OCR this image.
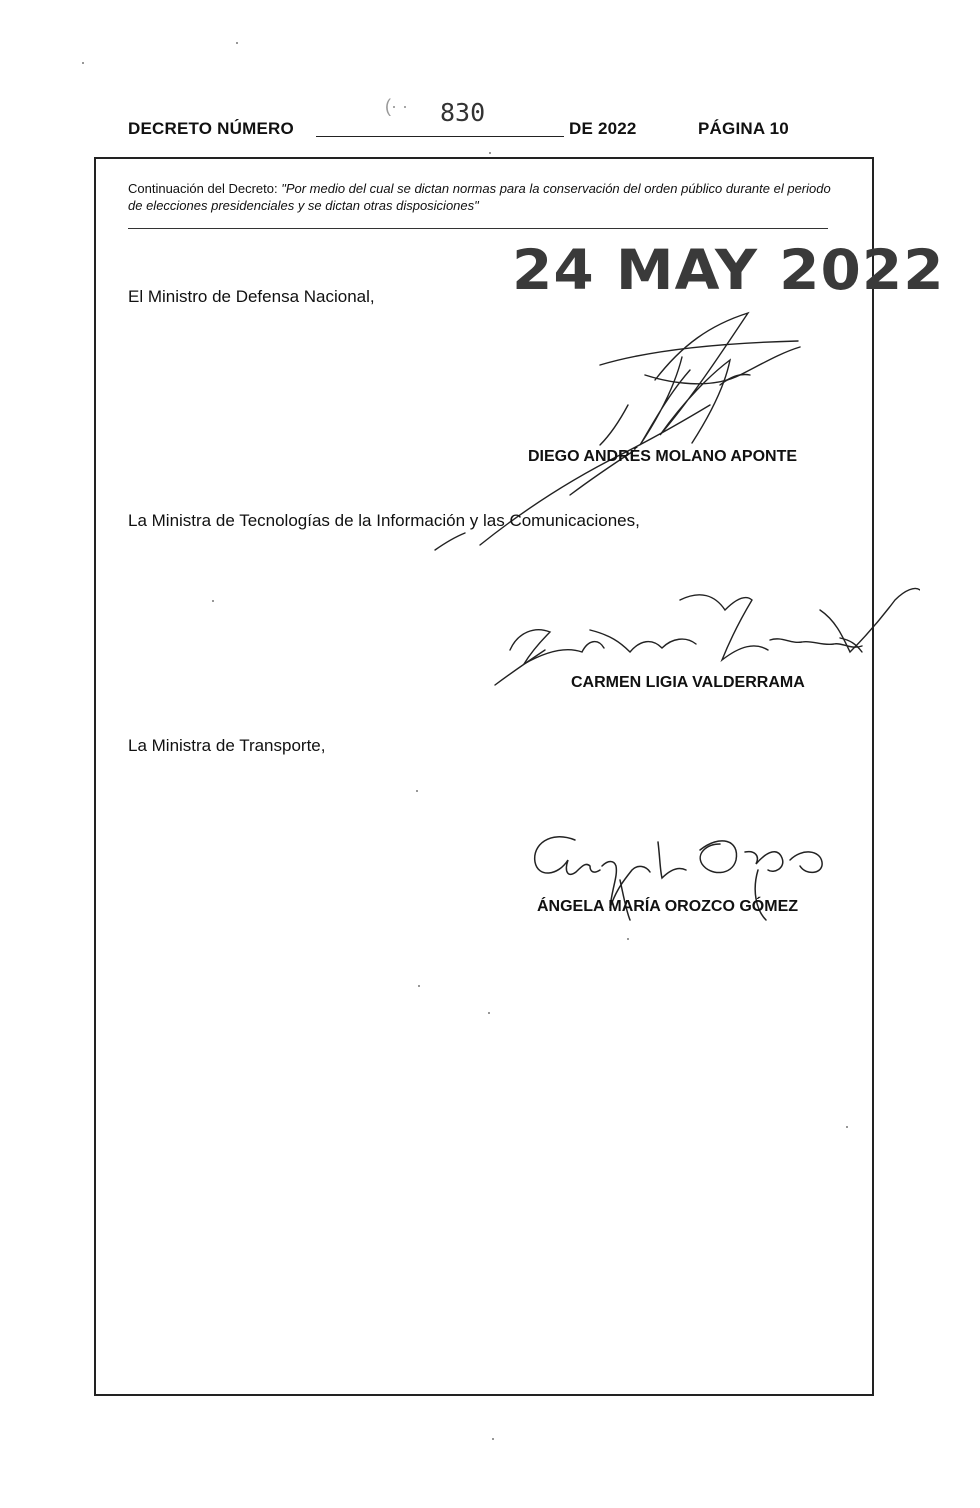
DECRETO NÚMERO
(· · 830
DE 2022	PÁGINA 10
Continuación del Decreto: "Por medio del cual se dictan normas para la conservación del orden público durante el periodo de elecciones presidenciales y se dictan otras disposiciones"
24 MAY 2022
El Ministro de Defensa Nacional,
DIEGO ANDRÉS MOLANO APONTE
La Ministra de Tecnologías de la Información y las Comunicaciones,
CARMEN LIGIA VALDERRAMA
La Ministra de Transporte,
ÁNGELA MARÍA OROZCO GÓMEZ
